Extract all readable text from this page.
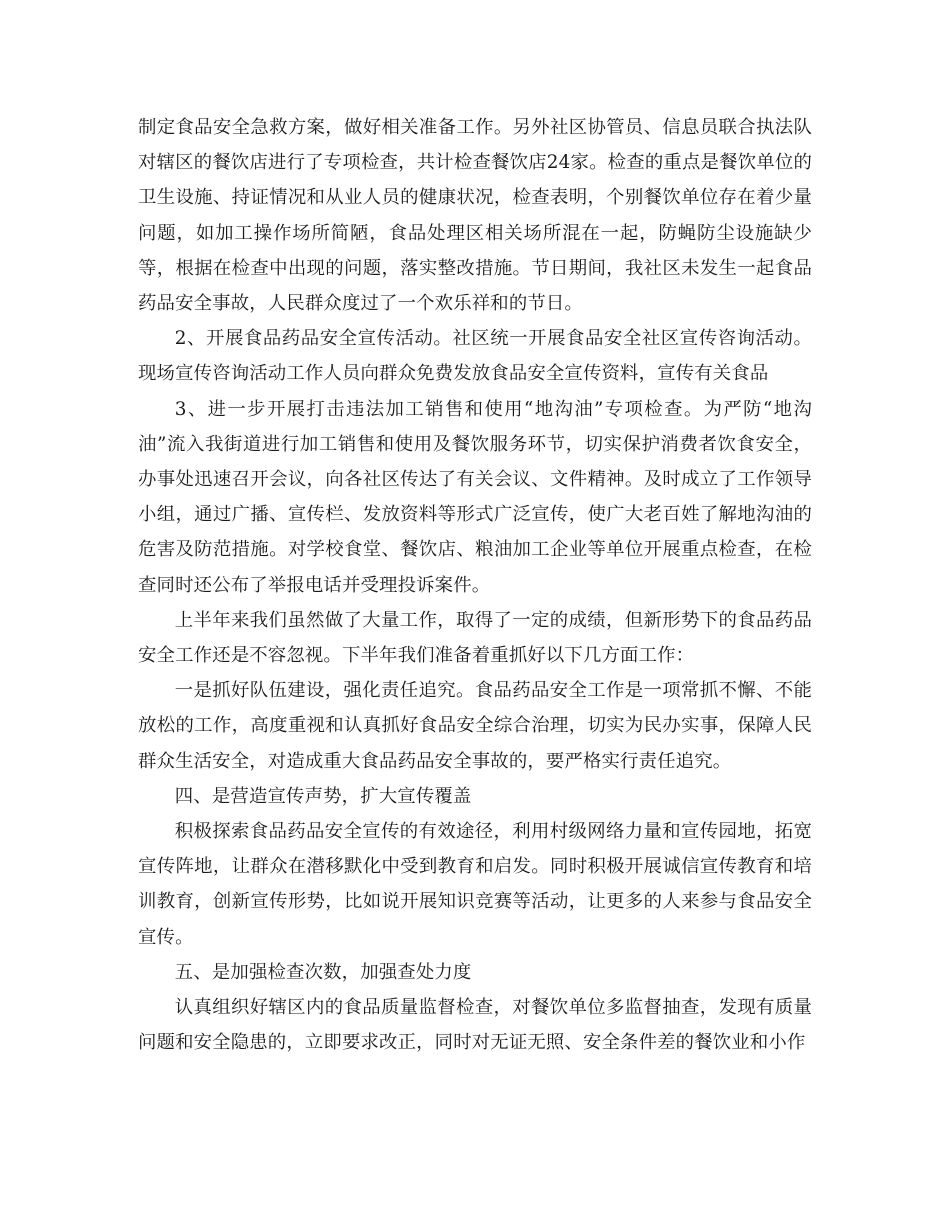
制定食品安全急救方案，做好相关准备工作。另外社区协管员、信息员联合执法队对辖区的餐饮店进行了专项检查，共计检查餐饮店24家。检查的重点是餐饮单位的卫生设施、持证情况和从业人员的健康状况，检查表明，个别餐饮单位存在着少量问题，如加工操作场所简陋，食品处理区相关场所混在一起，防蝇防尘设施缺少等，根据在检查中出现的问题，落实整改措施。节日期间，我社区未发生一起食品药品安全事故，人民群众度过了一个欢乐祥和的节日。

2、开展食品药品安全宣传活动。社区统一开展食品安全社区宣传咨询活动。现场宣传咨询活动工作人员向群众免费发放食品安全宣传资料，宣传有关食品

3、进一步开展打击违法加工销售和使用“地沟油”专项检查。为严防“地沟油”流入我街道进行加工销售和使用及餐饮服务环节，切实保护消费者饮食安全，办事处迅速召开会议，向各社区传达了有关会议、文件精神。及时成立了工作领导小组，通过广播、宣传栏、发放资料等形式广泛宣传，使广大老百姓了解地沟油的危害及防范措施。对学校食堂、餐饮店、粮油加工企业等单位开展重点检查，在检查同时还公布了举报电话并受理投诉案件。

上半年来我们虽然做了大量工作，取得了一定的成绩，但新形势下的食品药品安全工作还是不容忽视。下半年我们准备着重抓好以下几方面工作：

一是抓好队伍建设，强化责任追究。食品药品安全工作是一项常抓不懈、不能放松的工作，高度重视和认真抓好食品安全综合治理，切实为民办实事，保障人民群众生活安全，对造成重大食品药品安全事故的，要严格实行责任追究。

四、是营造宣传声势，扩大宣传覆盖

积极探索食品药品安全宣传的有效途径，利用村级网络力量和宣传园地，拓宽宣传阵地，让群众在潜移默化中受到教育和启发。同时积极开展诚信宣传教育和培训教育，创新宣传形势，比如说开展知识竞赛等活动，让更多的人来参与食品安全宣传。

五、是加强检查次数，加强查处力度

认真组织好辖区内的食品质量监督检查，对餐饮单位多监督抽查，发现有质量问题和安全隐患的，立即要求改正，同时对无证无照、安全条件差的餐饮业和小作
